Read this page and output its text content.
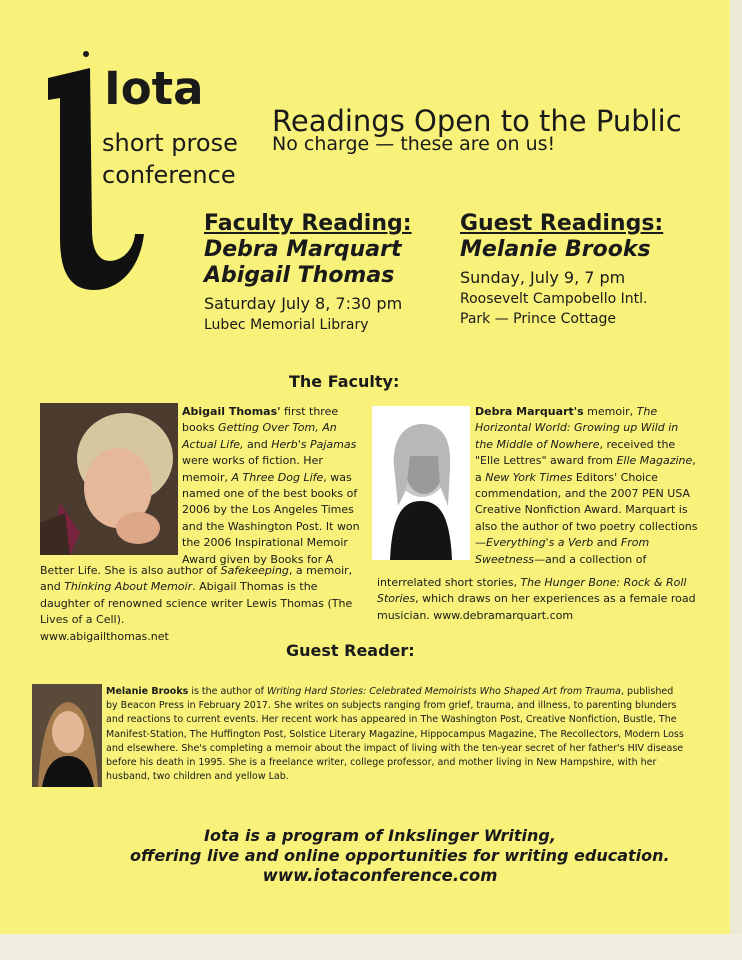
Iota
short prose
conference
Readings Open to the Public
No charge — these are on us!
Faculty Reading:
Debra Marquart
Abigail Thomas
Saturday July 8, 7:30 pm
Lubec Memorial Library
Guest Readings:
Melanie Brooks
Sunday, July 9, 7 pm
Roosevelt Campobello Intl.
Park — Prince Cottage
The Faculty:

Abigail Thomas' first three books Getting Over Tom, An Actual Life, and Herb's Pajamas were works of fiction. Her memoir, A Three Dog Life, was named one of the best books of 2006 by the Los Angeles Times and the Washington Post. It won the 2006 Inspirational Memoir Award given by Books for A

Better Life. She is also author of Safekeeping, a memoir, and Thinking About Memoir. Abigail Thomas is the daughter of renowned science writer Lewis Thomas (The Lives of a Cell).

www.abigailthomas.net

Debra Marquart's memoir, The Horizontal World: Growing up Wild in the Middle of Nowhere, received the "Elle Lettres" award from Elle Magazine, a New York Times Editors' Choice commendation, and the 2007 PEN USA Creative Nonfiction Award. Marquart is also the author of two poetry collections—Everything's a Verb and From Sweetness—and a collection of

interrelated short stories, The Hunger Bone: Rock & Roll Stories, which draws on her experiences as a female road musician. www.debramarquart.com

Guest Reader:

Melanie Brooks is the author of Writing Hard Stories: Celebrated Memoirists Who Shaped Art from Trauma, published by Beacon Press in February 2017. She writes on subjects ranging from grief, trauma, and illness, to parenting blunders and reactions to current events. Her recent work has appeared in The Washington Post, Creative Nonfiction, Bustle, The Manifest-Station, The Huffington Post, Solstice Literary Magazine, Hippocampus Magazine, The Recollectors, Modern Loss and elsewhere. She's completing a memoir about the impact of living with the ten-year secret of her father's HIV disease before his death in 1995. She is a freelance writer, college professor, and mother living in New Hampshire, with her husband, two children and yellow Lab.

Iota is a program of Inkslinger Writing,
offering live and online opportunities for writing education.
www.iotaconference.com
